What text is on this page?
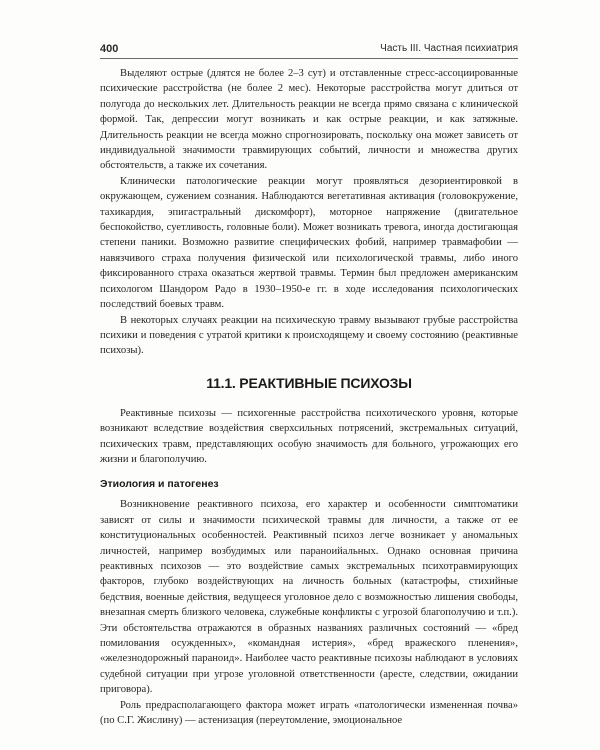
400	Часть III. Частная психиатрия

Выделяют острые (длятся не более 2–3 сут) и отставленные стресс-ассоциированные психические расстройства (не более 2 мес). Некоторые расстройства могут длиться от полугода до нескольких лет. Длительность реакции не всегда прямо связана с клинической формой. Так, депрессии могут возникать и как острые реакции, и как затяжные. Длительность реакции не всегда можно спрогнозировать, поскольку она может зависеть от индивидуальной значимости травмирующих событий, личности и множества других обстоятельств, а также их сочетания.

Клинически патологические реакции могут проявляться дезориентировкой в окружающем, сужением сознания. Наблюдаются вегетативная активация (головокружение, тахикардия, эпигастральный дискомфорт), моторное напряжение (двигательное беспокойство, суетливость, головные боли). Может возникать тревога, иногда достигающая степени паники. Возможно развитие специфических фобий, например травмафобии — навязчивого страха получения физической или психологической травмы, либо иного фиксированного страха оказаться жертвой травмы. Термин был предложен американским психологом Шандором Радо в 1930–1950-е гг. в ходе исследования психологических последствий боевых травм.

В некоторых случаях реакции на психическую травму вызывают грубые расстройства психики и поведения с утратой критики к происходящему и своему состоянию (реактивные психозы).

11.1. РЕАКТИВНЫЕ ПСИХОЗЫ

Реактивные психозы — психогенные расстройства психотического уровня, которые возникают вследствие воздействия сверхсильных потрясений, экстремальных ситуаций, психических травм, представляющих особую значимость для больного, угрожающих его жизни и благополучию.

Этиология и патогенез

Возникновение реактивного психоза, его характер и особенности симптоматики зависят от силы и значимости психической травмы для личности, а также от ее конституциональных особенностей. Реактивный психоз легче возникает у аномальных личностей, например возбудимых или параноийальных. Однако основная причина реактивных психозов — это воздействие самых экстремальных психотравмирующих факторов, глубоко воздействующих на личность больных (катастрофы, стихийные бедствия, военные действия, ведущееся уголовное дело с возможностью лишения свободы, внезапная смерть близкого человека, служебные конфликты с угрозой благополучию и т.п.). Эти обстоятельства отражаются в образных названиях различных состояний — «бред помилования осужденных», «командная истерия», «бред вражеского пленения», «железнодорожный параноид». Наиболее часто реактивные психозы наблюдают в условиях судебной ситуации при угрозе уголовной ответственности (аресте, следствии, ожидании приговора).

Роль предрасполагающего фактора может играть «патологически измененная почва» (по С.Г. Жислину) — астенизация (переутомление, эмоциональное
